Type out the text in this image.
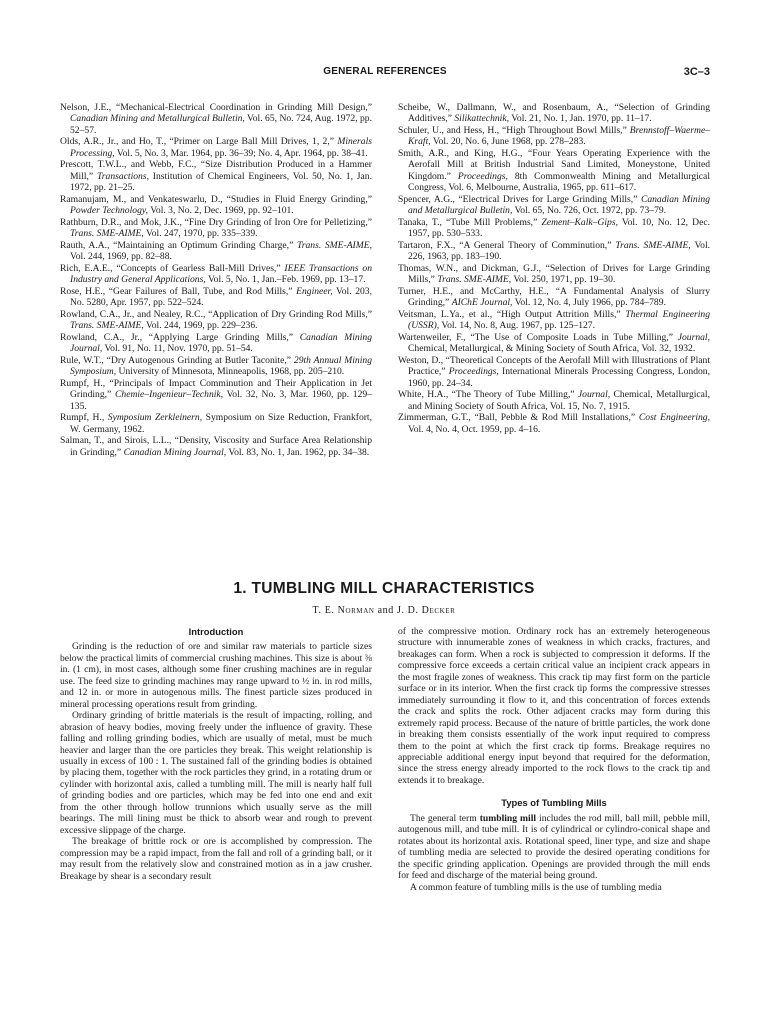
GENERAL REFERENCES	3C–3
Nelson, J.E., “Mechanical-Electrical Coordination in Grinding Mill Design,” Canadian Mining and Metallurgical Bulletin, Vol. 65, No. 724, Aug. 1972, pp. 52–57.
Olds, A.R., Jr., and Ho, T., “Primer on Large Ball Mill Drives, 1, 2,” Minerals Processing, Vol. 5, No. 3, Mar. 1964, pp. 36–39; No. 4, Apr. 1964, pp. 38–41.
Prescott, T.W.L., and Webb, F.C., “Size Distribution Produced in a Hammer Mill,” Transactions, Institution of Chemical Engineers, Vol. 50, No. 1, Jan. 1972, pp. 21–25.
Ramanujam, M., and Venkateswarlu, D., “Studies in Fluid Energy Grinding,” Powder Technology, Vol. 3, No. 2, Dec. 1969, pp. 92–101.
Rathburn, D.R., and Mok, J.K., “Fine Dry Grinding of Iron Ore for Pelletizing,” Trans. SME-AIME, Vol. 247, 1970, pp. 335–339.
Rauth, A.A., “Maintaining an Optimum Grinding Charge,” Trans. SME-AIME, Vol. 244, 1969, pp. 82–88.
Rich, E.A.E., “Concepts of Gearless Ball-Mill Drives,” IEEE Transactions on Industry and General Applications, Vol. 5, No. 1, Jan.–Feb. 1969, pp. 13–17.
Rose, H.E., “Gear Failures of Ball, Tube, and Rod Mills,” Engineer, Vol. 203, No. 5280, Apr. 1957, pp. 522–524.
Rowland, C.A., Jr., and Nealey, R.C., “Application of Dry Grinding Rod Mills,” Trans. SME-AIME, Vol. 244, 1969, pp. 229–236.
Rowland, C.A., Jr., “Applying Large Grinding Mills,” Canadian Mining Journal, Vol. 91, No. 11, Nov. 1970, pp. 51–54.
Rule, W.T., “Dry Autogenous Grinding at Butler Taconite,” 29th Annual Mining Symposium, University of Minnesota, Minneapolis, 1968, pp. 205–210.
Rumpf, H., “Principals of Impact Comminution and Their Application in Jet Grinding,” Chemie–Ingenieur–Technik, Vol. 32, No. 3, Mar. 1960, pp. 129–135.
Rumpf, H., Symposium Zerkleinern, Symposium on Size Reduction, Frankfort, W. Germany, 1962.
Salman, T., and Sirois, L.L., “Density, Viscosity and Surface Area Relationship in Grinding,” Canadian Mining Journal, Vol. 83, No. 1, Jan. 1962, pp. 34–38.
Scheibe, W., Dallmann, W., and Rosenbaum, A., “Selection of Grinding Additives,” Silikattechnik, Vol. 21, No. 1, Jan. 1970, pp. 11–17.
Schuler, U., and Hess, H., “High Throughout Bowl Mills,” Brennstoff–Waerme–Kraft, Vol. 20, No. 6, June 1968, pp. 278–283.
Smith, A.R., and King, H.G., “Four Years Operating Experience with the Aerofall Mill at British Industrial Sand Limited, Moneystone, United Kingdom.” Proceedings, 8th Commonwealth Mining and Metallurgical Congress, Vol. 6, Melbourne, Australia, 1965, pp. 611–617.
Spencer, A.G., “Electrical Drives for Large Grinding Mills,” Canadian Mining and Metallurgical Bulletin, Vol. 65, No. 726, Oct. 1972, pp. 73–79.
Tanaka, T., “Tube Mill Problems,” Zement–Kalk–Gips, Vol. 10, No. 12, Dec. 1957, pp. 530–533.
Tartaron, F.X., “A General Theory of Comminution,” Trans. SME-AIME, Vol. 226, 1963, pp. 183–190.
Thomas, W.N., and Dickman, G.J., “Selection of Drives for Large Grinding Mills,” Trans. SME-AIME, Vol. 250, 1971, pp. 19–30.
Turner, H.E., and McCarthy, H.E., “A Fundamental Analysis of Slurry Grinding,” AIChE Journal, Vol. 12, No. 4, July 1966, pp. 784–789.
Veitsman, L.Ya., et al., “High Output Attrition Mills,” Thermal Engineering (USSR), Vol. 14, No. 8, Aug. 1967, pp. 125–127.
Wartenweiler, F., “The Use of Composite Loads in Tube Milling,” Journal, Chemical, Metallurgical, & Mining Society of South Africa, Vol. 32, 1932.
Weston, D., “Theoretical Concepts of the Aerofall Mill with Illustrations of Plant Practice,” Proceedings, International Minerals Processing Congress, London, 1960, pp. 24–34.
White, H.A., “The Theory of Tube Milling,” Journal, Chemical, Metallurgical, and Mining Society of South Africa, Vol. 15, No. 7, 1915.
Zimmerman, G.T., “Ball, Pebble & Rod Mill Installations,” Cost Engineering, Vol. 4, No. 4, Oct. 1959, pp. 4–16.
1. TUMBLING MILL CHARACTERISTICS
T. E. Norman and J. D. Decker
Introduction

Grinding is the reduction of ore and similar raw materials to particle sizes below the practical limits of commercial crushing machines. This size is about ⅜ in. (1 cm), in most cases, although some finer crushing machines are in regular use. The feed size to grinding machines may range upward to ½ in. in rod mills, and 12 in. or more in autogenous mills. The finest particle sizes produced in mineral processing operations result from grinding.

Ordinary grinding of brittle materials is the result of impacting, rolling, and abrasion of heavy bodies, moving freely under the influence of gravity. These falling and rolling grinding bodies, which are usually of metal, must be much heavier and larger than the ore particles they break. This weight relationship is usually in excess of 100 : 1. The sustained fall of the grinding bodies is obtained by placing them, together with the rock particles they grind, in a rotating drum or cylinder with horizontal axis, called a tumbling mill. The mill is nearly half full of grinding bodies and ore particles, which may be fed into one end and exit from the other through hollow trunnions which usually serve as the mill bearings. The mill lining must be thick to absorb wear and rough to prevent excessive slippage of the charge.

The breakage of brittle rock or ore is accomplished by compression. The compression may be a rapid impact, from the fall and roll of a grinding ball, or it may result from the relatively slow and constrained motion as in a jaw crusher. Breakage by shear is a secondary result

of the compressive motion. Ordinary rock has an extremely heterogeneous structure with innumerable zones of weakness in which cracks, fractures, and breakages can form. When a rock is subjected to compression it deforms. If the compressive force exceeds a certain critical value an incipient crack appears in the most fragile zones of weakness. This crack tip may first form on the particle surface or in its interior. When the first crack tip forms the compressive stresses immediately surrounding it flow to it, and this concentration of forces extends the crack and splits the rock. Other adjacent cracks may form during this extremely rapid process. Because of the nature of brittle particles, the work done in breaking them consists essentially of the work input required to compress them to the point at which the first crack tip forms. Breakage requires no appreciable additional energy input beyond that required for the deformation, since the stress energy already imported to the rock flows to the crack tip and extends it to breakage.

Types of Tumbling Mills

The general term tumbling mill includes the rod mill, ball mill, pebble mill, autogenous mill, and tube mill. It is of cylindrical or cylindro-conical shape and rotates about its horizontal axis. Rotational speed, liner type, and size and shape of tumbling media are selected to provide the desired operating conditions for the specific grinding application. Openings are provided through the mill ends for feed and discharge of the material being ground.

A common feature of tumbling mills is the use of tumbling media
